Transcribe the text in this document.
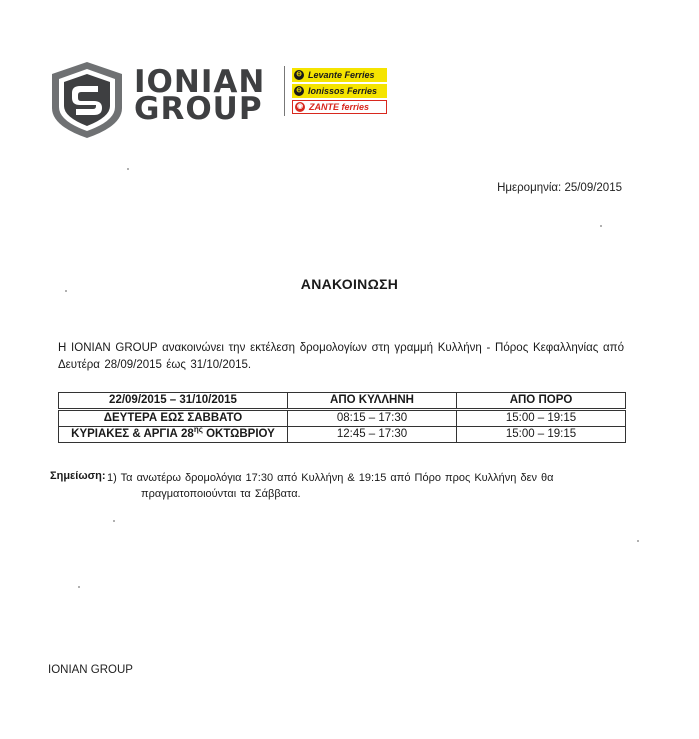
IONIAN
GROUP
⊖ Levante Ferries
⊖ Ionissos Ferries
◉ ZANTE ferries
Ημερομηνία: 25/09/2015
ΑΝΑΚΟΙΝΩΣΗ
Η IONIAN GROUP ανακοινώνει την εκτέλεση δρομολογίων στη γραμμή Κυλλήνη - Πόρος Κεφαλληνίας από Δευτέρα 28/09/2015 έως 31/10/2015.
22/09/2015 – 31/10/2015	ΑΠΟ ΚΥΛΛΗΝΗ	ΑΠΟ ΠΟΡΟ
ΔΕΥΤΕΡΑ ΕΩΣ ΣΑΒΒΑΤΟ	08:15 – 17:30	15:00 – 19:15
ΚΥΡΙΑΚΕΣ & ΑΡΓΙΑ $28^{\eta\varsigma}$ ΟΚΤΩΒΡΙΟΥ	12:45 – 17:30	15:00 – 19:15
Σημείωση: 1) Τα ανωτέρω δρομολόγια 17:30 από Κυλλήνη & 19:15 από Πόρο προς Κυλλήνη δεν θα
πραγματοποιούνται τα Σάββατα.
IONIAN GROUP
